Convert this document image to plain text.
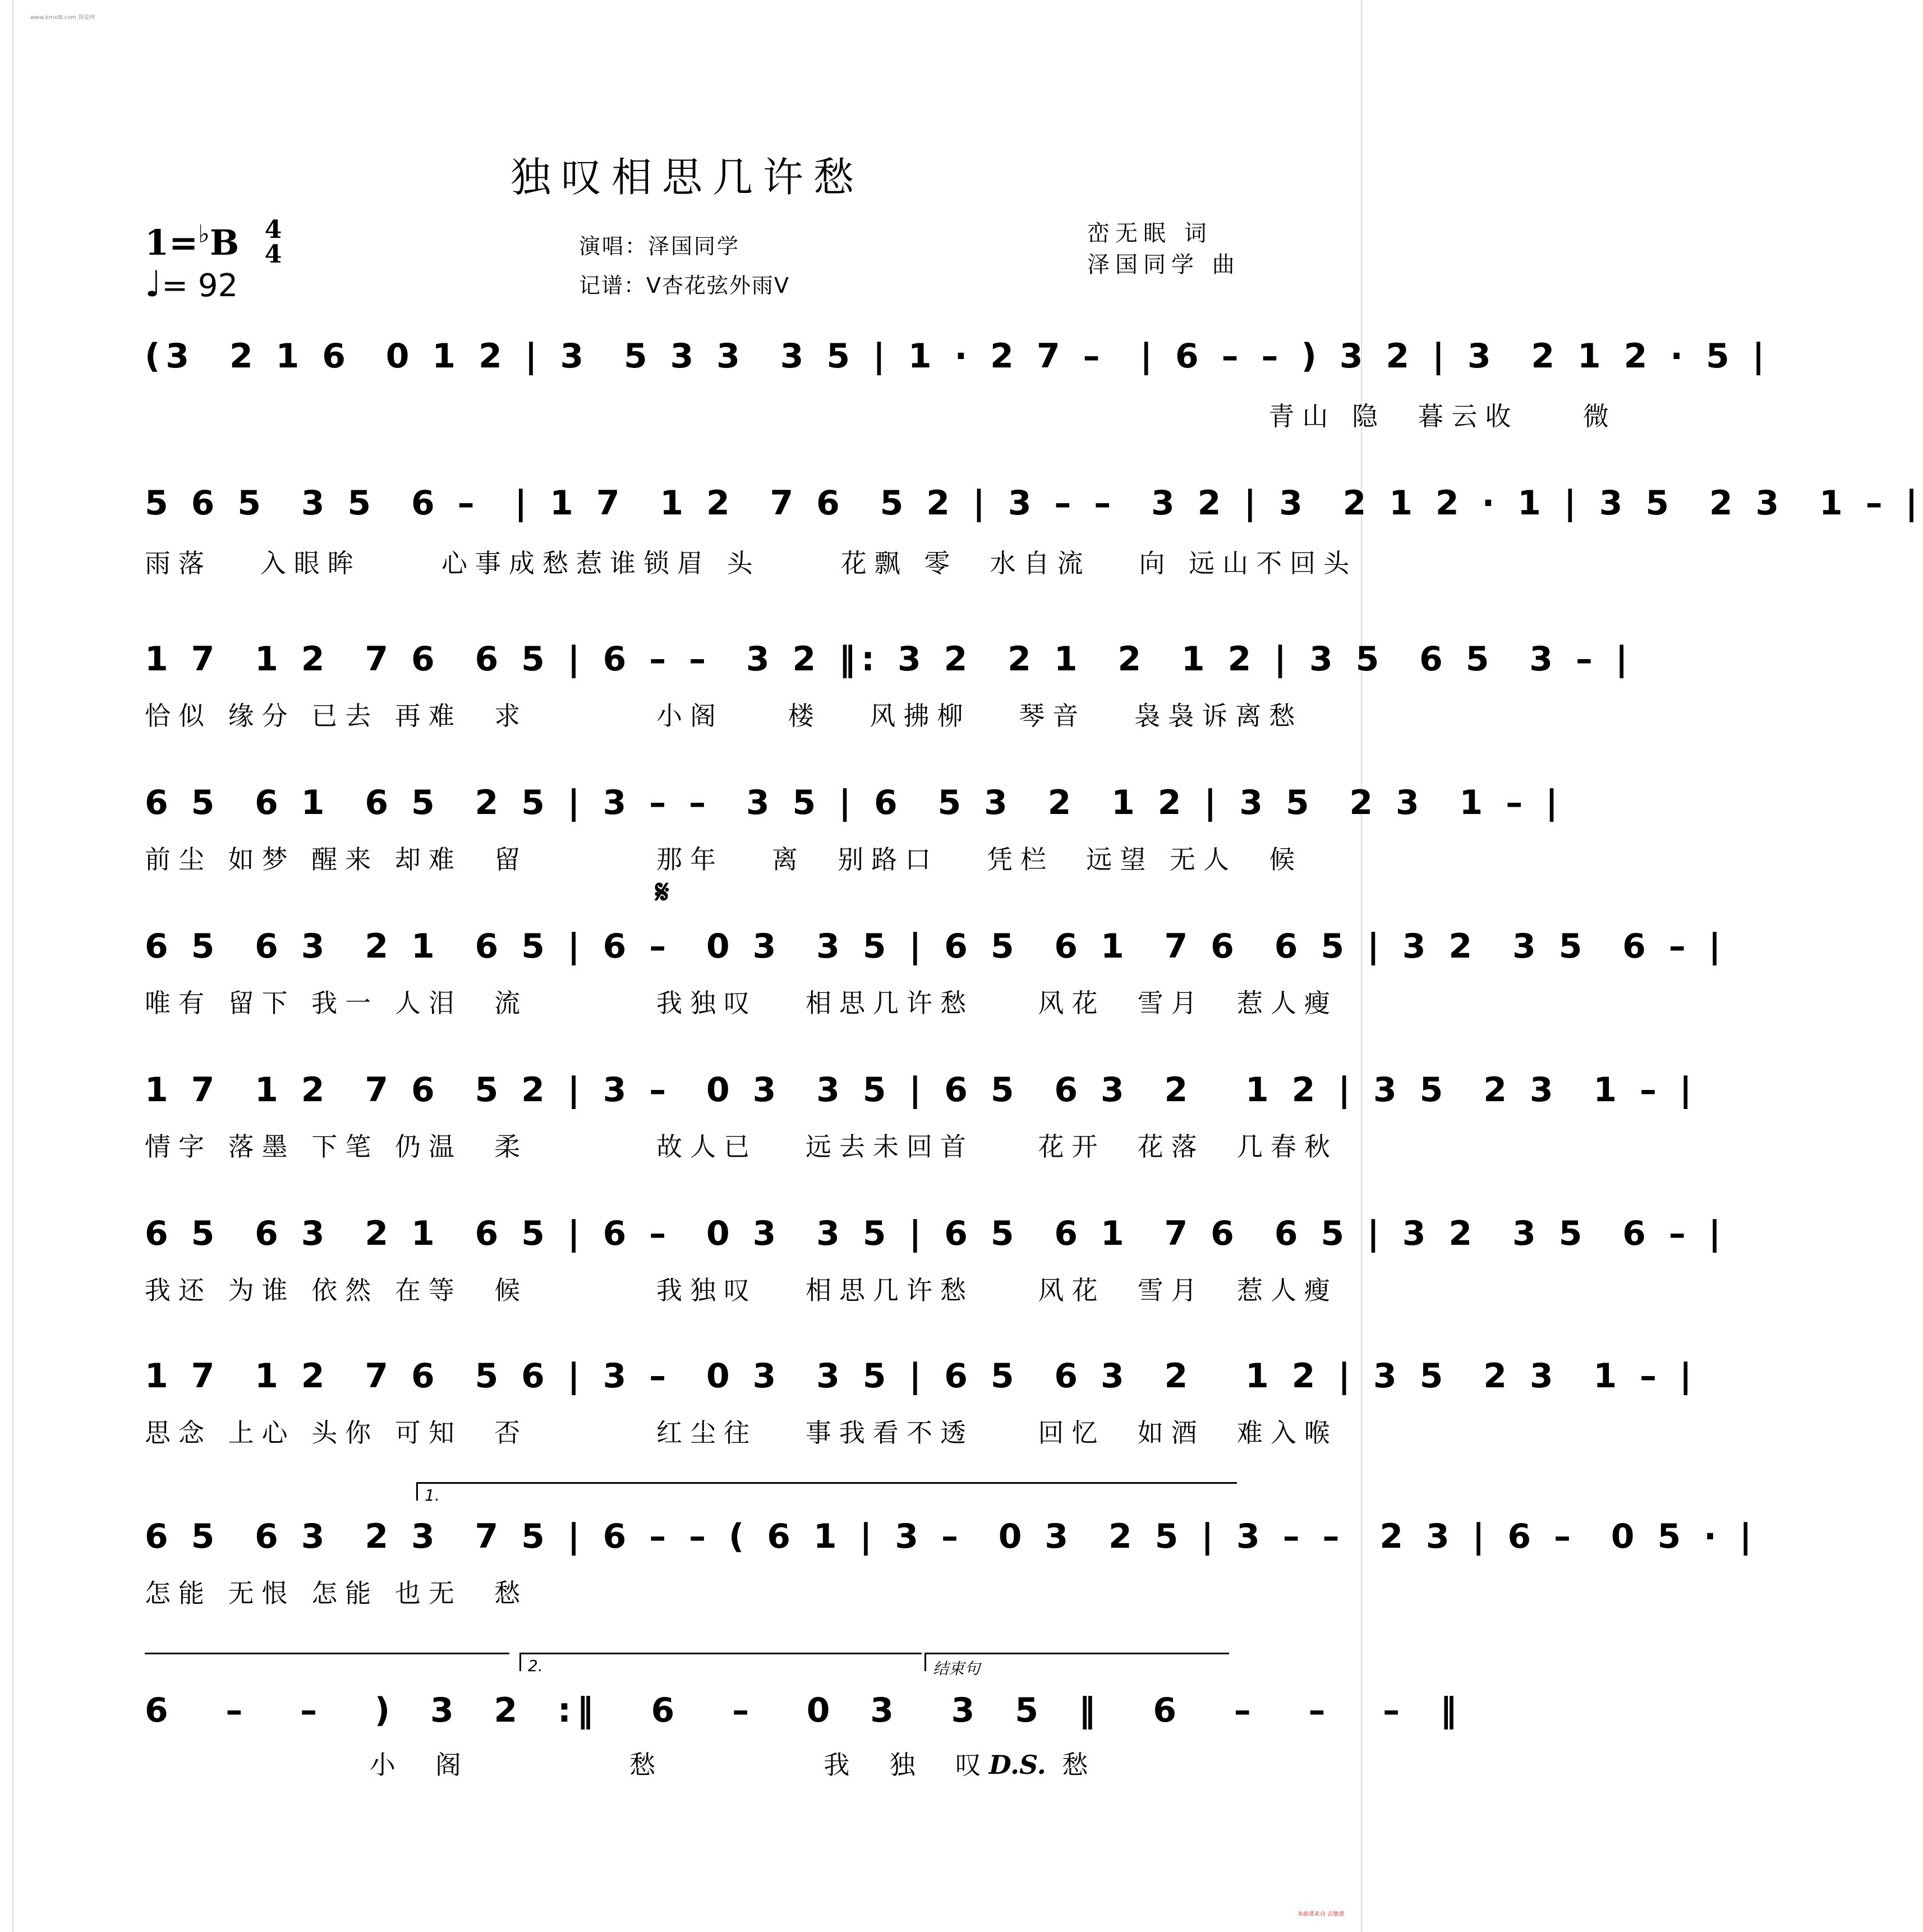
www.kmxl8.com 我爱网
本曲谱来自 吉他谱
独叹相思几许愁
1=♭B 4
4
♩= 92
演唱：泽国同学
记谱：V杏花弦外雨V
峦无眠 词
泽国同学 曲
(3  2 1 6  0 1 2 | 3  5 3 3  3 5 | 1 · 2 7 –  | 6 – – ) 3 2 | 3  2 1 2 · 5 |
青山 隐  暮云收    微
5 6 5  3 5  6 –  | 1 7  1 2  7 6  5 2 | 3 – –  3 2 | 3  2 1 2 · 1 | 3 5  2 3  1 – |
雨落   入眼眸     心事成愁惹谁锁眉 头     花飘 零  水自流   向 远山不回头
1 7  1 2  7 6  6 5 | 6 – –  3 2 ‖: 3 2  2 1  2  1 2 | 3 5  6 5  3 – |
恰似 缘分 已去 再难  求        小阁    楼   风拂柳   琴音   袅袅诉离愁
6 5  6 1  6 5  2 5 | 3 – –  3 5 | 6  5 3  2  1 2 | 3 5  2 3  1 – |
前尘 如梦 醒来 却难  留        那年   离  别路口   凭栏  远望 无人  候
𝄋
6 5  6 3  2 1  6 5 | 6 –  0 3  3 5 | 6 5  6 1  7 6  6 5 | 3 2  3 5  6 – |
唯有 留下 我一 人泪  流        我独叹   相思几许愁    风花  雪月  惹人瘦
1 7  1 2  7 6  5 2 | 3 –  0 3  3 5 | 6 5  6 3  2   1 2 | 3 5  2 3  1 – |
情字 落墨 下笔 仍温  柔        故人已   远去未回首    花开  花落  几春秋
6 5  6 3  2 1  6 5 | 6 –  0 3  3 5 | 6 5  6 1  7 6  6 5 | 3 2  3 5  6 – |
我还 为谁 依然 在等  候        我独叹   相思几许愁    风花  雪月  惹人瘦
1 7  1 2  7 6  5 6 | 3 –  0 3  3 5 | 6 5  6 3  2   1 2 | 3 5  2 3  1 – |
思念 上心 头你 可知  否        红尘往   事我看不透    回忆  如酒  难入喉
1.
6 5  6 3  2 3  7 5 | 6 – – ( 6 1 | 3 –  0 3  2 5 | 3 – –  2 3 | 6 –  0 5 · |
怎能 无恨 怎能 也无  愁
2.	结束句
6   –   –   )  3  2  :‖   6   –   0  3   3  5  ‖   6   –   –   –  ‖
小  阁          愁          我  独  叹D.S. 愁
